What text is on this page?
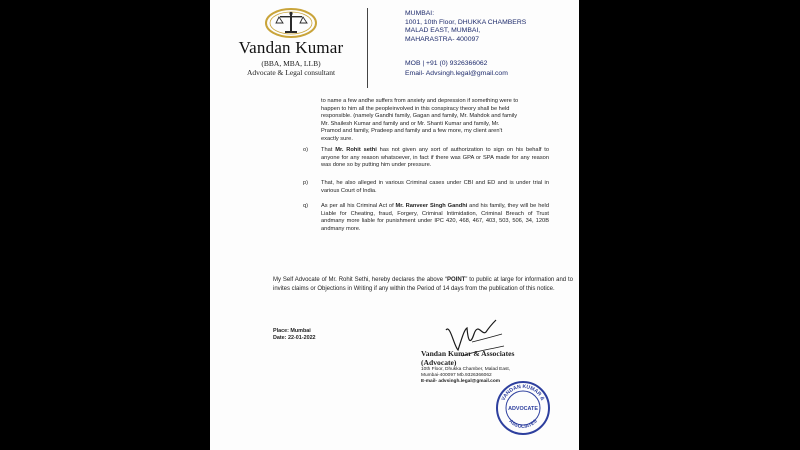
Vandan Kumar
(BBA, MBA, LLB)
Advocate & Legal consultant
MUMBAI:
1001, 10th Floor, DHUKKA CHAMBERS
MALAD EAST, MUMBAI,
MAHARASTRA- 400097
MOB | +91 (0) 9326366062
Email- Advsingh.legal@gmail.com
to name a few andhe suffers from anxiety and depression if something were to
happen to him all the peopleinvolved in this conspiracy theory shall be held
responsible. (namely Gandhi family, Gagan and family, Mr. Mahdok and family
Mr. Shailesh Kumar and family and or Mr. Shanti Kumar and family, Mr.
Pramod and family, Pradeep and family and a few more, my client aren't
exactly sure.
o) That Mr. Rohit sethi has not given any sort of authorization to sign on his behalf to anyone for any reason whatsoever, in fact if there was GPA or SPA made for any reason was done so by putting him under pressure.
p) That, he also alleged in various Criminal cases under CBI and ED and is under trial in various Court of India.
q) As per all his Criminal Act of Mr. Ranveer Singh Gandhi and his family, they will be held Liable for Cheating, fraud, Forgery, Criminal Intimidation, Criminal Breach of Trust andmany more liable for punishment under IPC 420, 468, 467, 403, 503, 506, 34, 120B andmany more.
My Self Advocate of Mr. Rohit Sethi, hereby declares the above “POINT” to public at large for information and to invites claims or Objections in Writing if any within the Period of 14 days from the publication of this notice.
Place: Mumbai
Date: 22-01-2022
Vandan Kumar & Associates
(Advocate)
10th Floor, Dhukka Chamber, Malad East,
Mumbai-400097 Mb.9326366062
E-mail- advsingh.legal@gmail.com
VANDAN KUMAR &
ADVOCATE
ASSOCIATES
